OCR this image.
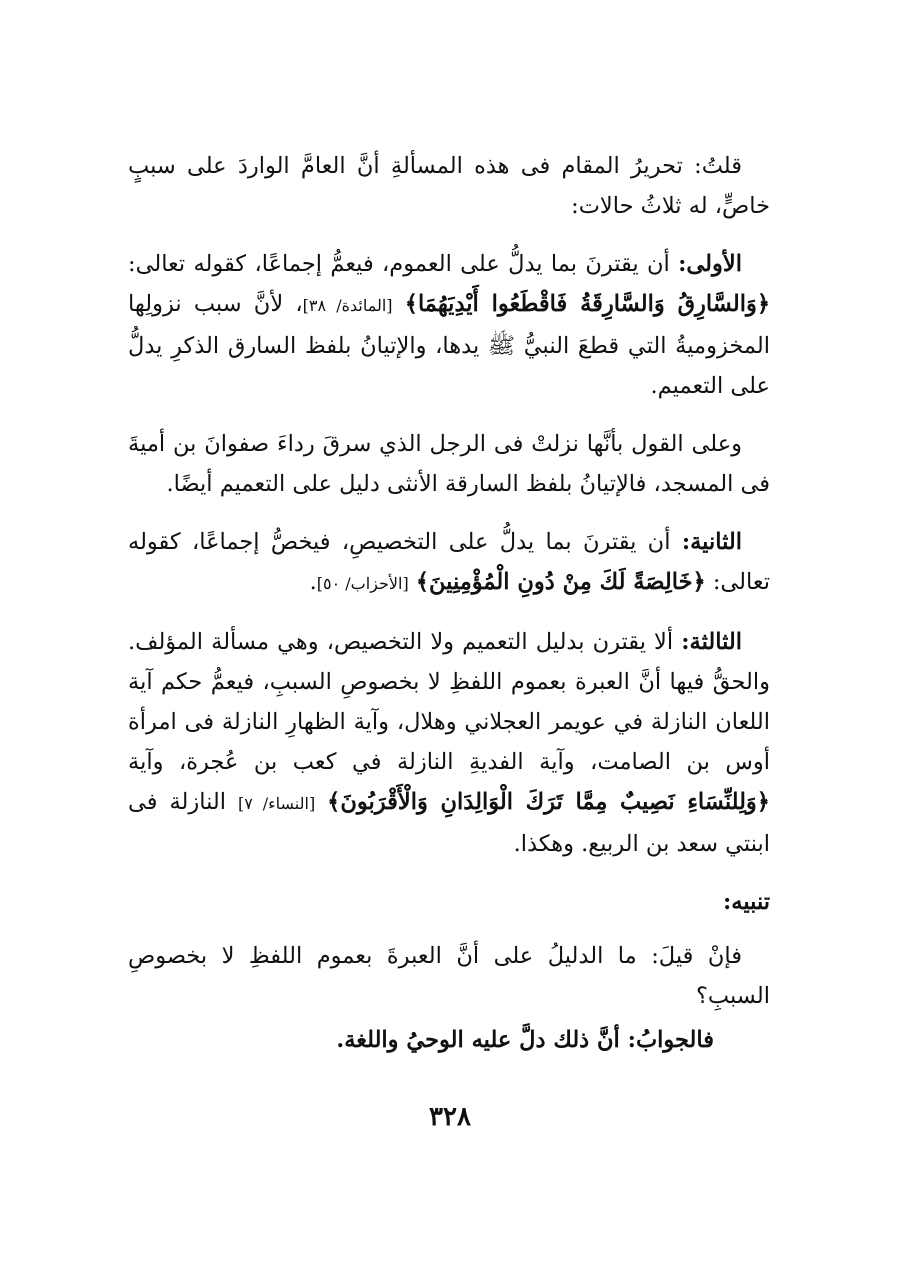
قلتُ: تحريرُ المقام فى هذه المسألةِ أنَّ العامَّ الواردَ على سببٍ خاصٍّ، له ثلاثُ حالات:

الأولى: أن يقترنَ بما يدلُّ على العموم، فيعمُّ إجماعًا، كقوله تعالى: ﴿وَالسَّارِقُ وَالسَّارِقَةُ فَاقْطَعُوا أَيْدِيَهُمَا﴾ [المائدة/ ٣٨]، لأنَّ سبب نزولِها المخزوميةُ التي قطعَ النبيُّ ﷺ يدها، والإتيانُ بلفظ السارق الذكرِ يدلُّ على التعميم.

وعلى القول بأنَّها نزلتْ فى الرجل الذي سرقَ رداءَ صفوانَ بن أميةَ فى المسجد، فالإتيانُ بلفظ السارقة الأنثى دليل على التعميم أيضًا.

الثانية: أن يقترنَ بما يدلُّ على التخصيصِ، فيخصُّ إجماعًا، كقوله تعالى: ﴿خَالِصَةً لَكَ مِنْ دُونِ الْمُؤْمِنِينَ﴾ [الأحزاب/ ٥٠].

الثالثة: ألا يقترن بدليل التعميم ولا التخصيص، وهي مسألة المؤلف. والحقُّ فيها أنَّ العبرة بعموم اللفظِ لا بخصوصِ السببِ، فيعمُّ حكم آية اللعان النازلة في عويمر العجلاني وهلال، وآية الظهارِ النازلة فى امرأة أوس بن الصامت، وآية الفديةِ النازلة في كعب بن عُجرة، وآية ﴿وَلِلنِّسَاءِ نَصِيبٌ مِمَّا تَرَكَ الْوَالِدَانِ وَالْأَقْرَبُونَ﴾ [النساء/ ٧] النازلة فى ابنتي سعد بن الربيع. وهكذا.

تنبيه:

فإنْ قيلَ: ما الدليلُ على أنَّ العبرةَ بعموم اللفظِ لا بخصوصِ السببِ؟

فالجوابُ: أنَّ ذلك دلَّ عليه الوحيُ واللغة.

٣٢٨
